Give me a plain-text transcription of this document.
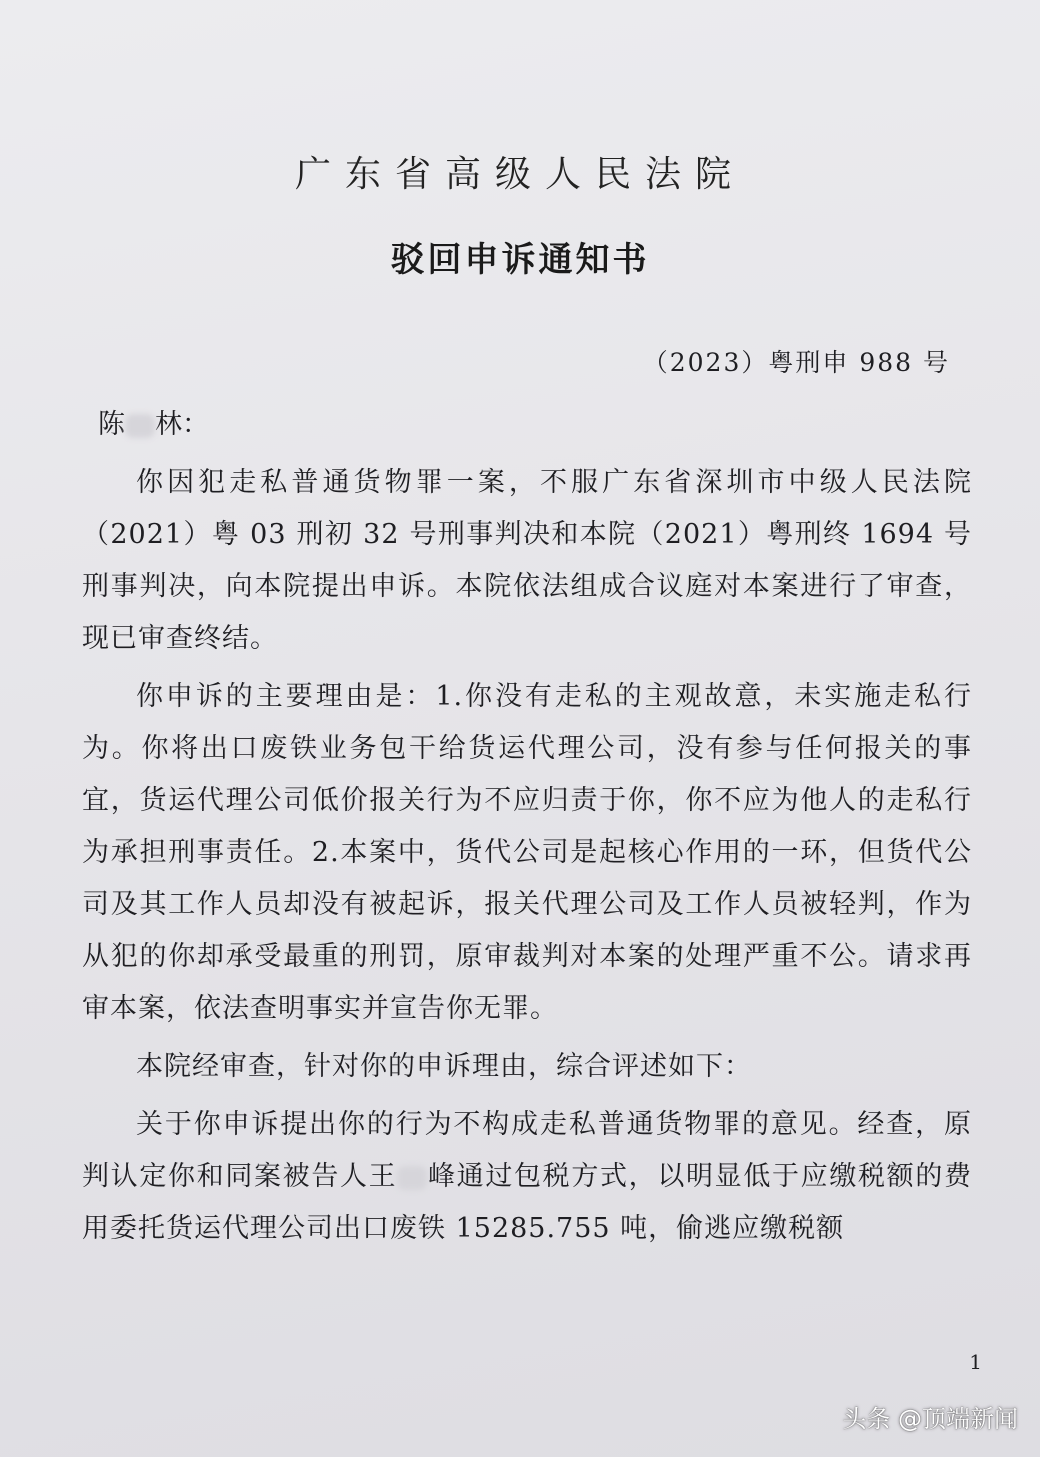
广东省高级人民法院
驳回申诉通知书
（2023）粤刑申 988 号
陈 林：

你因犯走私普通货物罪一案，不服广东省深圳市中级人民法院（2021）粤 03 刑初 32 号刑事判决和本院（2021）粤刑终 1694 号刑事判决，向本院提出申诉。本院依法组成合议庭对本案进行了审查，现已审查终结。

你申诉的主要理由是：1.你没有走私的主观故意，未实施走私行为。你将出口废铁业务包干给货运代理公司，没有参与任何报关的事宜，货运代理公司低价报关行为不应归责于你，你不应为他人的走私行为承担刑事责任。2.本案中，货代公司是起核心作用的一环，但货代公司及其工作人员却没有被起诉，报关代理公司及工作人员被轻判，作为从犯的你却承受最重的刑罚，原审裁判对本案的处理严重不公。请求再审本案，依法查明事实并宣告你无罪。

本院经审查，针对你的申诉理由，综合评述如下：

关于你申诉提出你的行为不构成走私普通货物罪的意见。经查，原判认定你和同案被告人王 峰通过包税方式，以明显低于应缴税额的费用委托货运代理公司出口废铁 15285.755 吨，偷逃应缴税额

1
头条 @顶端新闻
